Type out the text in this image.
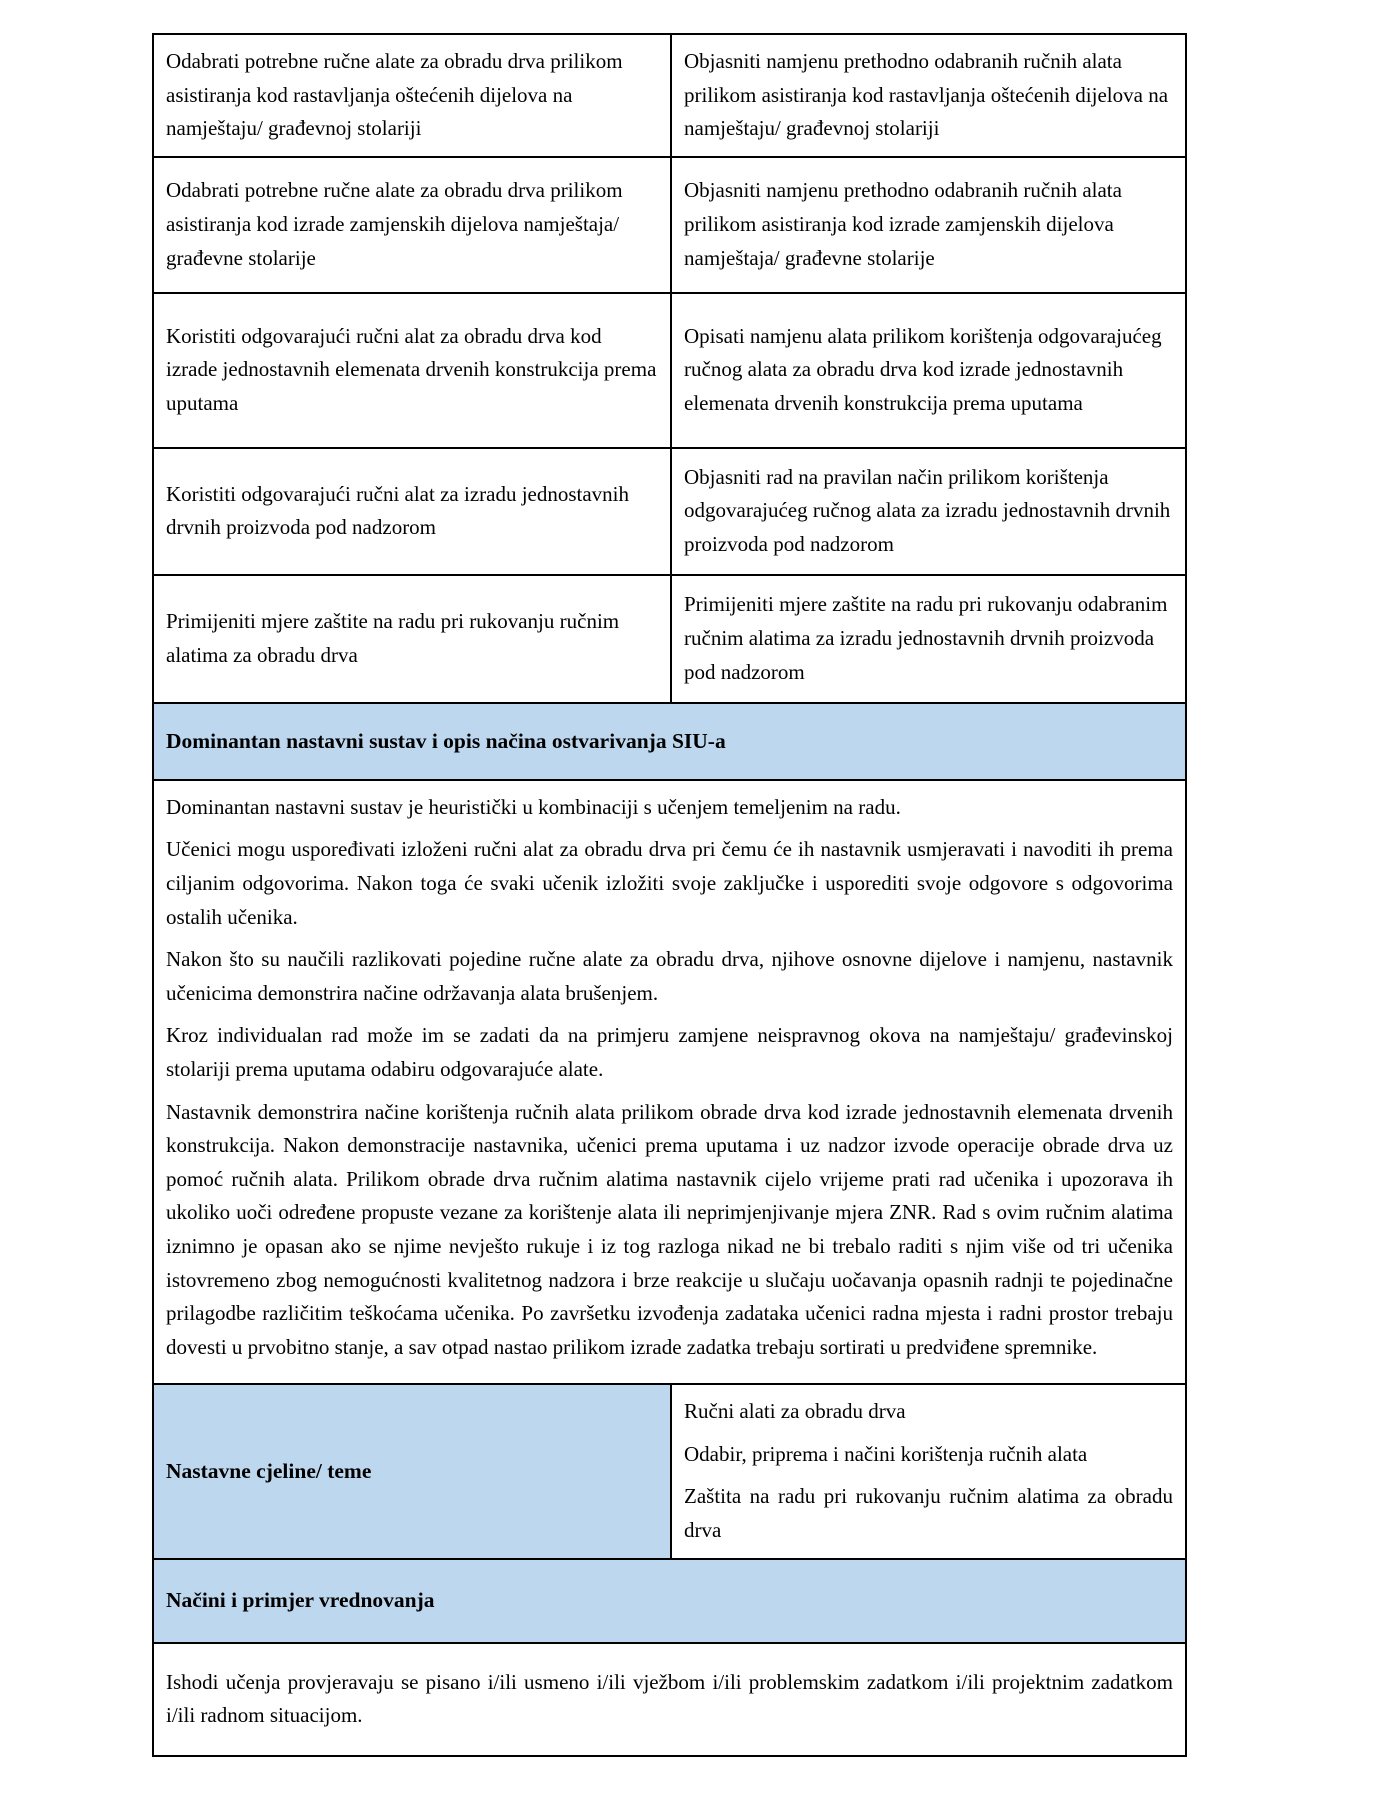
Odabrati potrebne ručne alate za obradu drva prilikom asistiranja kod rastavljanja oštećenih dijelova na namještaju/ građevnoj stolariji	Objasniti namjenu prethodno odabranih ručnih alata prilikom asistiranja kod rastavljanja oštećenih dijelova na namještaju/ građevnoj stolariji
Odabrati potrebne ručne alate za obradu drva prilikom asistiranja kod izrade zamjenskih dijelova namještaja/ građevne stolarije	Objasniti namjenu prethodno odabranih ručnih alata prilikom asistiranja kod izrade zamjenskih dijelova namještaja/ građevne stolarije
Koristiti odgovarajući ručni alat za obradu drva kod izrade jednostavnih elemenata drvenih konstrukcija prema uputama	Opisati namjenu alata prilikom korištenja odgovarajućeg ručnog alata za obradu drva kod izrade jednostavnih elemenata drvenih konstrukcija prema uputama
Koristiti odgovarajući ručni alat za izradu jednostavnih drvnih proizvoda pod nadzorom	Objasniti rad na pravilan način prilikom korištenja odgovarajućeg ručnog alata za izradu jednostavnih drvnih proizvoda pod nadzorom
Primijeniti mjere zaštite na radu pri rukovanju ručnim alatima za obradu drva	Primijeniti mjere zaštite na radu pri rukovanju odabranim ručnim alatima za izradu jednostavnih drvnih proizvoda pod nadzorom
Dominantan nastavni sustav i opis načina ostvarivanja SIU-a	

Dominantan nastavni sustav je heuristički u kombinaciji s učenjem temeljenim na radu.

Učenici mogu uspoređivati izloženi ručni alat za obradu drva pri čemu će ih nastavnik usmjeravati i navoditi ih prema ciljanim odgovorima. Nakon toga će svaki učenik izložiti svoje zaključke i usporediti svoje odgovore s odgovorima ostalih učenika.

Nakon što su naučili razlikovati pojedine ručne alate za obradu drva, njihove osnovne dijelove i namjenu, nastavnik učenicima demonstrira načine održavanja alata brušenjem.

Kroz individualan rad može im se zadati da na primjeru zamjene neispravnog okova na namještaju/ građevinskoj stolariji prema uputama odabiru odgovarajuće alate.

Nastavnik demonstrira načine korištenja ručnih alata prilikom obrade drva kod izrade jednostavnih elemenata drvenih konstrukcija. Nakon demonstracije nastavnika, učenici prema uputama i uz nadzor izvode operacije obrade drva uz pomoć ručnih alata. Prilikom obrade drva ručnim alatima nastavnik cijelo vrijeme prati rad učenika i upozorava ih ukoliko uoči određene propuste vezane za korištenje alata ili neprimjenjivanje mjera ZNR. Rad s ovim ručnim alatima iznimno je opasan ako se njime nevješto rukuje i iz tog razloga nikad ne bi trebalo raditi s njim više od tri učenika istovremeno zbog nemogućnosti kvalitetnog nadzora i brze reakcije u slučaju uočavanja opasnih radnji te pojedinačne prilagodbe različitim teškoćama učenika. Po završetku izvođenja zadataka učenici radna mjesta i radni prostor trebaju dovesti u prvobitno stanje, a sav otpad nastao prilikom izrade zadatka trebaju sortirati u predviđene spremnike.	

Nastavne cjeline/ teme	Ručni alati za obradu drva

Odabir, priprema i načini korištenja ručnih alata

Zaštita na radu pri rukovanju ručnim alatima za obradu drva

Načini i primjer vrednovanja	

Ishodi učenja provjeravaju se pisano i/ili usmeno i/ili vježbom i/ili problemskim zadatkom i/ili projektnim zadatkom i/ili radnom situacijom.	
